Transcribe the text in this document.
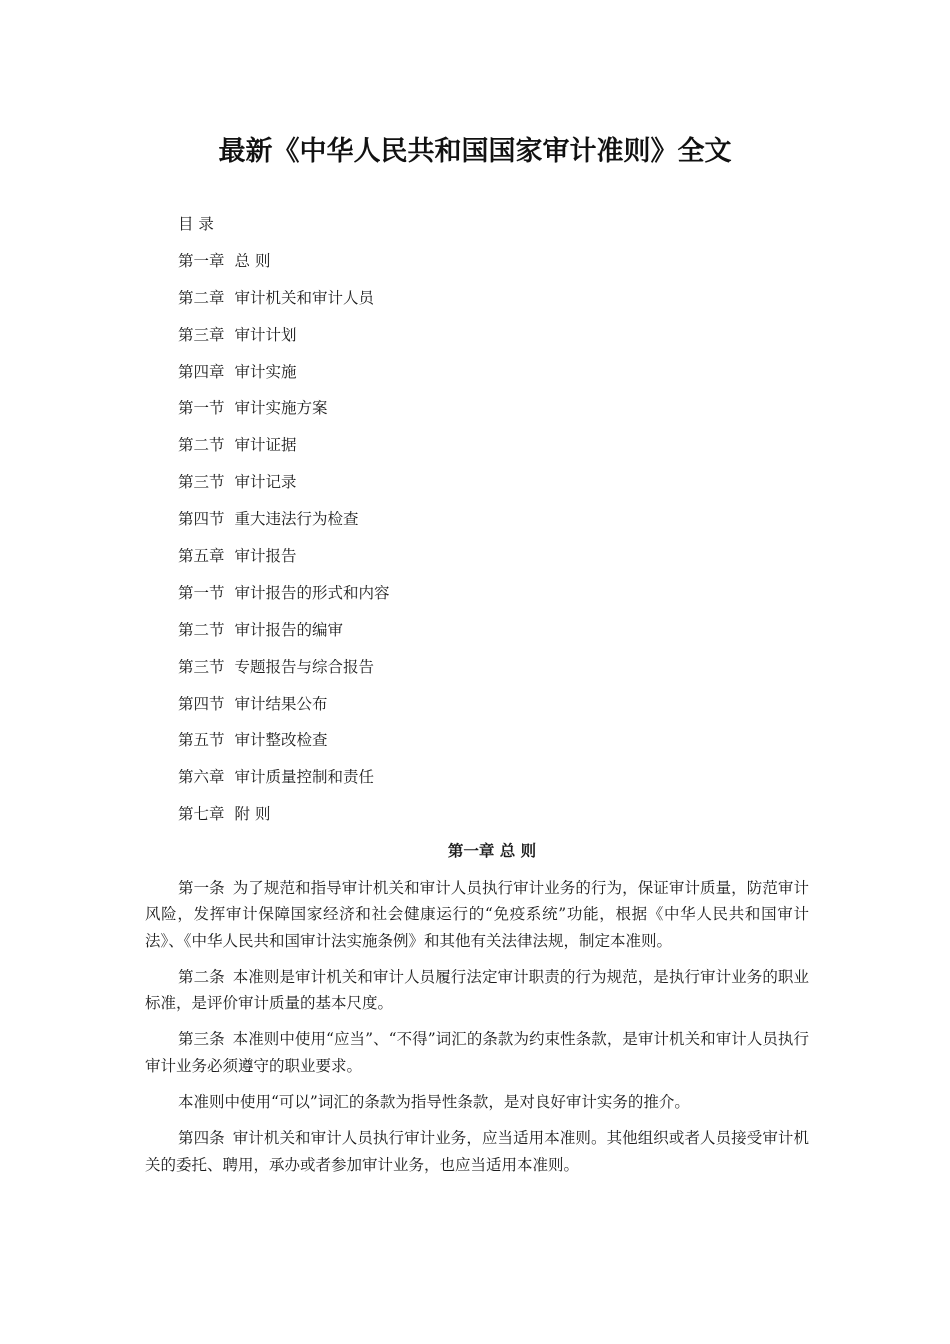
最新《中华人民共和国国家审计准则》全文
目 录
第一章 总 则
第二章 审计机关和审计人员
第三章 审计计划
第四章 审计实施
第一节 审计实施方案
第二节 审计证据
第三节 审计记录
第四节 重大违法行为检查
第五章 审计报告
第一节 审计报告的形式和内容
第二节 审计报告的编审
第三节 专题报告与综合报告
第四节 审计结果公布
第五节 审计整改检查
第六章 审计质量控制和责任
第七章 附 则
第一章 总 则

第一条 为了规范和指导审计机关和审计人员执行审计业务的行为，保证审计质量，防范审计风险，发挥审计保障国家经济和社会健康运行的“免疫系统”功能，根据《中华人民共和国审计法》、《中华人民共和国审计法实施条例》和其他有关法律法规，制定本准则。

第二条 本准则是审计机关和审计人员履行法定审计职责的行为规范，是执行审计业务的职业标准，是评价审计质量的基本尺度。

第三条 本准则中使用“应当”、“不得”词汇的条款为约束性条款，是审计机关和审计人员执行审计业务必须遵守的职业要求。

本准则中使用“可以”词汇的条款为指导性条款，是对良好审计实务的推介。

第四条 审计机关和审计人员执行审计业务，应当适用本准则。其他组织或者人员接受审计机关的委托、聘用，承办或者参加审计业务，也应当适用本准则。
